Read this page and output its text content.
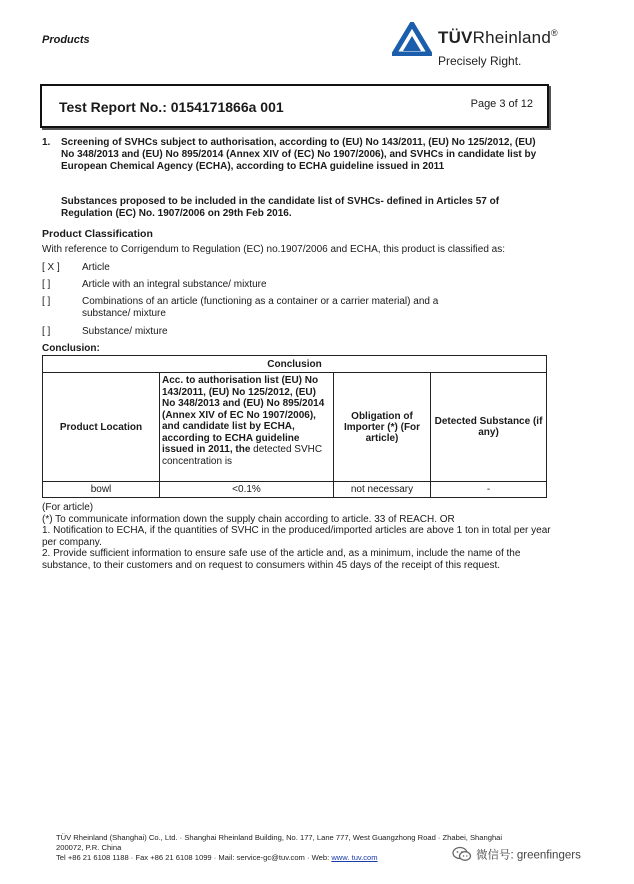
Products	TÜVRheinland®
Precisely Right.
Test Report No.: 0154171866a 001	Page 3 of 12
1. Screening of SVHCs subject to authorisation, according to (EU) No 143/2011, (EU) No 125/2012, (EU) No 348/2013 and (EU) No 895/2014 (Annex XIV of (EC) No 1907/2006), and SVHCs in candidate list by European Chemical Agency (ECHA), according to ECHA guideline issued in 2011
Substances proposed to be included in the candidate list of SVHCs- defined in Articles 57 of Regulation (EC) No. 1907/2006 on 29th Feb 2016.
Product Classification
With reference to Corrigendum to Regulation (EC) no.1907/2006 and ECHA, this product is classified as:
[ X ] Article
[ ]	Article with an integral substance/ mixture
[ ]	Combinations of an article (functioning as a container or a carrier material) and a substance/ mixture
[ ]	Substance/ mixture
Conclusion:
Conclusion			
Product Location	Acc. to authorisation list (EU) No 143/2011, (EU) No 125/2012, (EU) No 348/2013 and (EU) No 895/2014 (Annex XIV of EC No 1907/2006), and candidate list by ECHA, according to ECHA guideline issued in 2011, the detected SVHC concentration is	Obligation of Importer (*) (For article)	Detected Substance (if any)
bowl	<0.1%	not necessary	-
(For article)
(*) To communicate information down the supply chain according to article. 33 of REACH. OR
1. Notification to ECHA, if the quantities of SVHC in the produced/imported articles are above 1 ton in total per year per company.
2. Provide sufficient information to ensure safe use of the article and, as a minimum, include the name of the substance, to their customers and on request to consumers within 45 days of the receipt of this request.
TÜV Rheinland (Shanghai) Co., Ltd. · Shanghai Rheinland Building, No. 177, Lane 777, West Guangzhong Road · Zhabei, Shanghai
200072, P.R. China
Tel +86 21 6108 1188 · Fax +86 21 6108 1099 · Mail: service-gc@tuv.com · Web: www. tuv.com	微信号: greenfingers
